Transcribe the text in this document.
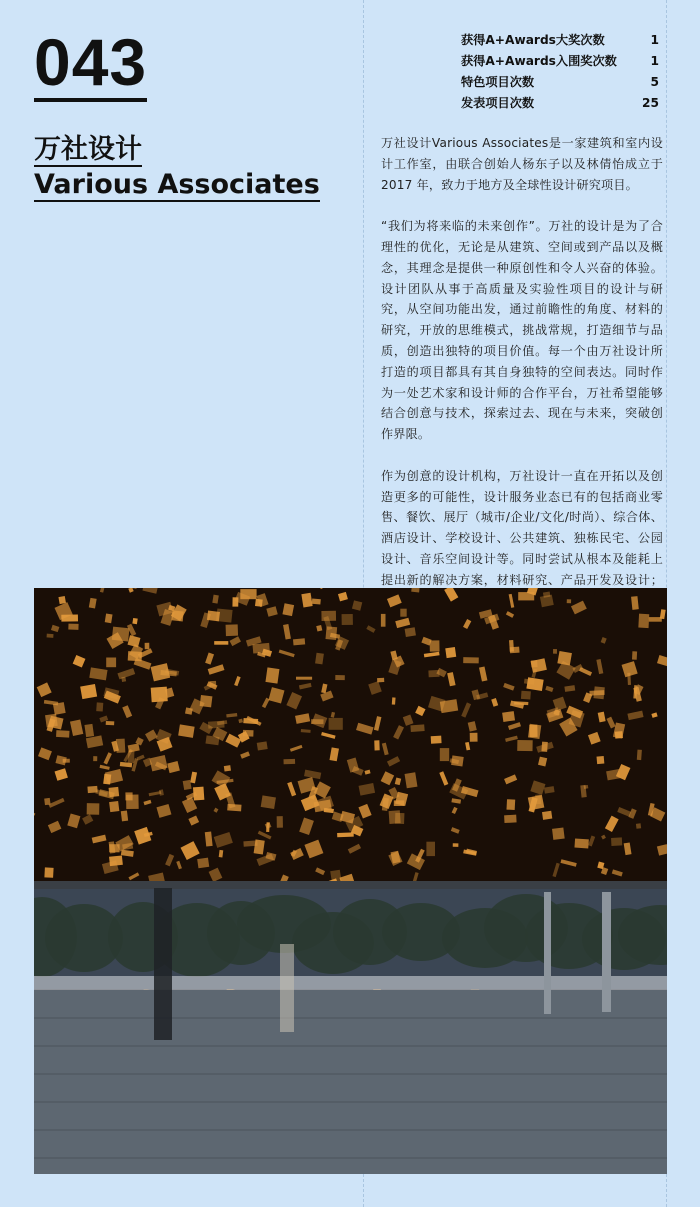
043
万社设计
Various Associates
获得A+Awards大奖次数	1
获得A+Awards入围奖次数	1
特色项目次数	5
发表项目次数	25

万社设计Various Associates是一家建筑和室内设计工作室，由联合创始人杨东子以及林倩怡成立于2017 年，致力于地方及全球性设计研究项目。

“我们为将来临的未来创作”。万社的设计是为了合理性的优化，无论是从建筑、空间或到产品以及概念，其理念是提供一种原创性和令人兴奋的体验。设计团队从事于高质量及实验性项目的设计与研究，从空间功能出发，通过前瞻性的角度、材料的研究，开放的思维模式，挑战常规，打造细节与品质，创造出独特的项目价值。每一个由万社设计所打造的项目都具有其自身独特的空间表达。同时作为一处艺术家和设计师的合作平台，万社希望能够结合创意与技术，探索过去、现在与未来，突破创作界限。

作为创意的设计机构，万社设计一直在开拓以及创造更多的可能性，设计服务业态已有的包括商业零售、餐饮、展厅（城市/企业/文化/时尚）、综合体、酒店设计、学校设计、公共建筑、独栋民宅、公园设计、音乐空间设计等。同时尝试从根本及能耗上提出新的解决方案，材料研究、产品开发及设计；
